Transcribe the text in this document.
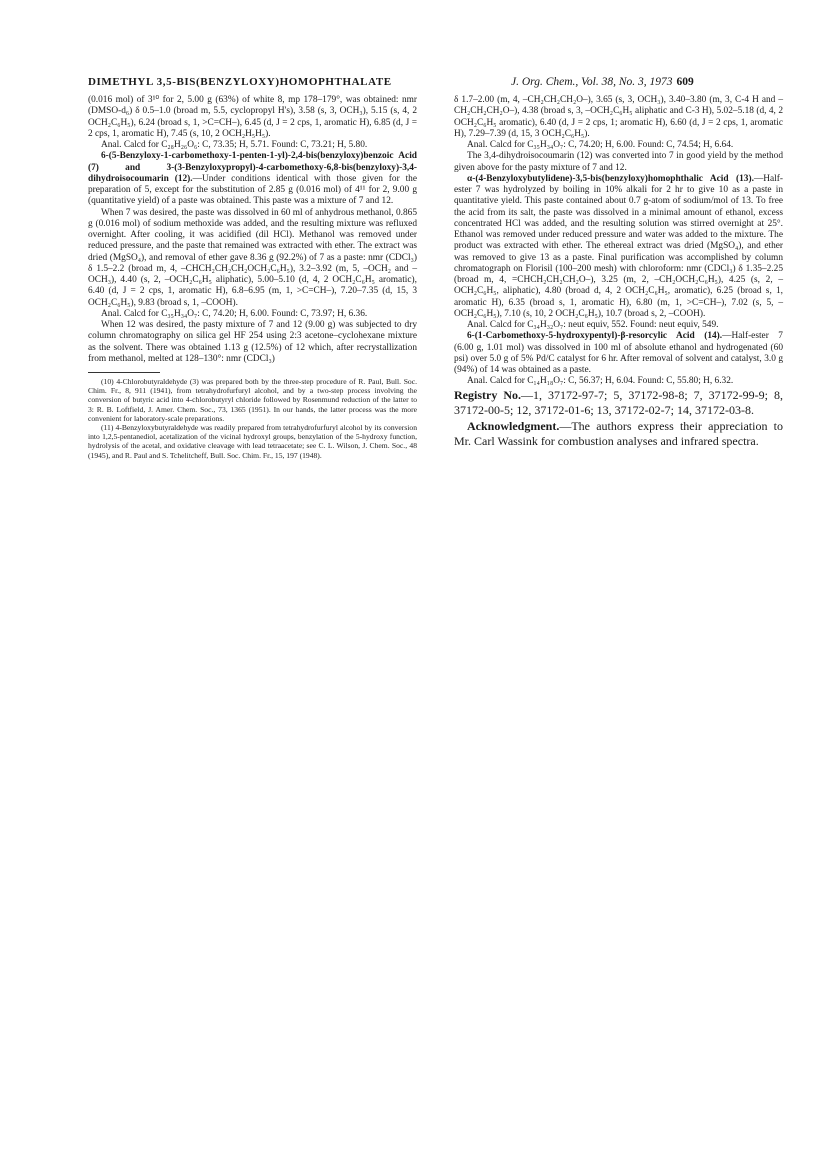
DIMETHYL 3,5-BIS(BENZYLOXY)HOMOPHTHALATE	J. Org. Chem., Vol. 38, No. 3, 1973 609

(0.016 mol) of 3¹⁰ for 2, 5.00 g (63%) of white 8, mp 178–179°, was obtained: nmr (DMSO-d₆) δ 0.5–1.0 (broad m, 5.5, cyclopropyl H's), 3.58 (s, 3, OCH₃), 5.15 (s, 4, 2 OCH₂C₆H₅), 6.24 (broad s, 1, >C=CH–), 6.45 (d, J = 2 cps, 1, aromatic H), 6.85 (d, J = 2 cps, 1, aromatic H), 7.45 (s, 10, 2 OCH₂H₅H₅).

Anal. Calcd for C₂₈H₂₆O₆: C, 73.35; H, 5.71. Found: C, 73.21; H, 5.80.

6-(5-Benzyloxy-1-carbomethoxy-1-penten-1-yl)-2,4-bis(benzyloxy)benzoic Acid (7) and 3-(3-Benzyloxypropyl)-4-carbomethoxy-6,8-bis(benzyloxy)-3,4-dihydroisocoumarin (12).—Under conditions identical with those given for the preparation of 5, except for the substitution of 2.85 g (0.016 mol) of 4¹¹ for 2, 9.00 g (quantitative yield) of a paste was obtained. This paste was a mixture of 7 and 12.

When 7 was desired, the paste was dissolved in 60 ml of anhydrous methanol, 0.865 g (0.016 mol) of sodium methoxide was added, and the resulting mixture was refluxed overnight. After cooling, it was acidified (dil HCl). Methanol was removed under reduced pressure, and the paste that remained was extracted with ether. The extract was dried (MgSO₄), and removal of ether gave 8.36 g (92.2%) of 7 as a paste: nmr (CDCl₃) δ 1.5–2.2 (broad m, 4, –CHCH₂CH₂CH₂OCH₂C₆H₅), 3.2–3.92 (m, 5, –OCH₂ and –OCH₃), 4.40 (s, 2, –OCH₂C₆H₅ aliphatic), 5.00–5.10 (d, 4, 2 OCH₂C₆H₅ aromatic), 6.40 (d, J = 2 cps, 1, aromatic H), 6.8–6.95 (m, 1, >C=CH–), 7.20–7.35 (d, 15, 3 OCH₂C₆H₅), 9.83 (broad s, 1, –COOH).

Anal. Calcd for C₃₅H₃₄O₇: C, 74.20; H, 6.00. Found: C, 73.97; H, 6.36.

When 12 was desired, the pasty mixture of 7 and 12 (9.00 g) was subjected to dry column chromatography on silica gel HF 254 using 2:3 acetone–cyclohexane mixture as the solvent. There was obtained 1.13 g (12.5%) of 12 which, after recrystallization from methanol, melted at 128–130°: nmr (CDCl₃)

(10) 4-Chlorobutyraldehyde (3) was prepared both by the three-step procedure of R. Paul, Bull. Soc. Chim. Fr., 8, 911 (1941), from tetrahydrofurfuryl alcohol, and by a two-step process involving the conversion of butyric acid into 4-chlorobutyryl chloride followed by Rosenmund reduction of the latter to 3: R. B. Loftfield, J. Amer. Chem. Soc., 73, 1365 (1951). In our hands, the latter process was the more convenient for laboratory-scale preparations.

(11) 4-Benzyloxybutyraldehyde was readily prepared from tetrahydrofurfuryl alcohol by its conversion into 1,2,5-pentanediol, acetalization of the vicinal hydroxyl groups, benzylation of the 5-hydroxy function, hydrolysis of the acetal, and oxidative cleavage with lead tetraacetate; see C. L. Wilson, J. Chem. Soc., 48 (1945), and R. Paul and S. Tchelitcheff, Bull. Soc. Chim. Fr., 15, 197 (1948).

δ 1.7–2.00 (m, 4, –CH₂CH₂CH₂O–), 3.65 (s, 3, OCH₃), 3.40–3.80 (m, 3, C-4 H and –CH₂CH₂CH₂O–), 4.38 (broad s, 3, –OCH₂C₆H₅ aliphatic and C-3 H), 5.02–5.18 (d, 4, 2 OCH₂C₆H₅ aromatic), 6.40 (d, J = 2 cps, 1; aromatic H), 6.60 (d, J = 2 cps, 1, aromatic H), 7.29–7.39 (d, 15, 3 OCH₂C₆H₅).

Anal. Calcd for C₃₅H₃₄O₇: C, 74.20; H, 6.00. Found: C, 74.54; H, 6.64.

The 3,4-dihydroisocoumarin (12) was converted into 7 in good yield by the method given above for the pasty mixture of 7 and 12.

α-(4-Benzyloxybutylidene)-3,5-bis(benzyloxy)homophthalic Acid (13).—Half-ester 7 was hydrolyzed by boiling in 10% alkali for 2 hr to give 10 as a paste in quantitative yield. This paste contained about 0.7 g-atom of sodium/mol of 13. To free the acid from its salt, the paste was dissolved in a minimal amount of ethanol, excess concentrated HCl was added, and the resulting solution was stirred overnight at 25°. Ethanol was removed under reduced pressure and water was added to the mixture. The product was extracted with ether. The ethereal extract was dried (MgSO₄), and ether was removed to give 13 as a paste. Final purification was accomplished by column chromatograph on Florisil (100–200 mesh) with chloroform: nmr (CDCl₃) δ 1.35–2.25 (broad m, 4, =CHCH₂CH₂CH₂O–), 3.25 (m, 2, –CH₂OCH₂C₆H₅), 4.25 (s, 2, –OCH₂C₆H₅, aliphatic), 4.80 (broad d, 4, 2 OCH₂C₆H₅, aromatic), 6.25 (broad s, 1, aromatic H), 6.35 (broad s, 1, aromatic H), 6.80 (m, 1, >C=CH–), 7.02 (s, 5, –OCH₂C₆H₅), 7.10 (s, 10, 2 OCH₂C₆H₅), 10.7 (broad s, 2, –COOH).

Anal. Calcd for C₃₄H₃₂O₇: neut equiv, 552. Found: neut equiv, 549.

6-(1-Carbomethoxy-5-hydroxypentyl)-β-resorcylic Acid (14).—Half-ester 7 (6.00 g, 1.01 mol) was dissolved in 100 ml of absolute ethanol and hydrogenated (60 psi) over 5.0 g of 5% Pd/C catalyst for 6 hr. After removal of solvent and catalyst, 3.0 g (94%) of 14 was obtained as a paste.

Anal. Calcd for C₁₄H₁₈O₇: C, 56.37; H, 6.04. Found: C, 55.80; H, 6.32.

Registry No.—1, 37172-97-7; 5, 37172-98-8; 7, 37172-99-9; 8, 37172-00-5; 12, 37172-01-6; 13, 37172-02-7; 14, 37172-03-8.

Acknowledgment.—The authors express their appreciation to Mr. Carl Wassink for combustion analyses and infrared spectra.
